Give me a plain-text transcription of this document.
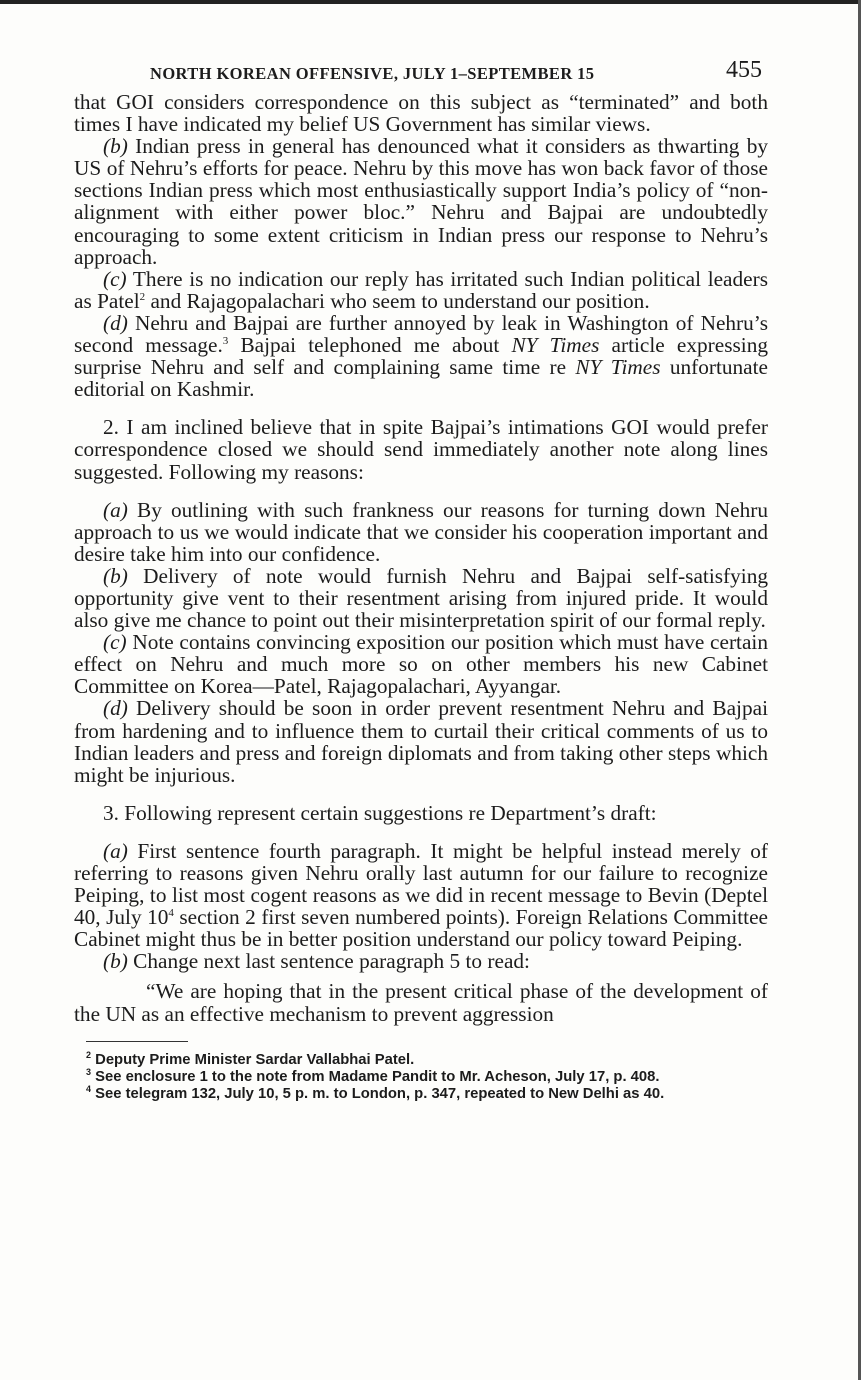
NORTH KOREAN OFFENSIVE, JULY 1–SEPTEMBER 15	455

that GOI considers correspondence on this subject as “terminated” and both times I have indicated my belief US Government has similar views.

(b) Indian press in general has denounced what it considers as thwarting by US of Nehru’s efforts for peace. Nehru by this move has won back favor of those sections Indian press which most enthusiastically support India’s policy of “non-alignment with either power bloc.” Nehru and Bajpai are undoubtedly encouraging to some extent criticism in Indian press our response to Nehru’s approach.

(c) There is no indication our reply has irritated such Indian political leaders as Patel$^2$ and Rajagopalachari who seem to understand our position.

(d) Nehru and Bajpai are further annoyed by leak in Washington of Nehru’s second message.$^3$ Bajpai telephoned me about NY Times article expressing surprise Nehru and self and complaining same time re NY Times unfortunate editorial on Kashmir.

2. I am inclined believe that in spite Bajpai’s intimations GOI would prefer correspondence closed we should send immediately another note along lines suggested. Following my reasons:

(a) By outlining with such frankness our reasons for turning down Nehru approach to us we would indicate that we consider his cooperation important and desire take him into our confidence.

(b) Delivery of note would furnish Nehru and Bajpai self-satisfying opportunity give vent to their resentment arising from injured pride. It would also give me chance to point out their misinterpretation spirit of our formal reply.

(c) Note contains convincing exposition our position which must have certain effect on Nehru and much more so on other members his new Cabinet Committee on Korea—Patel, Rajagopalachari, Ayyangar.

(d) Delivery should be soon in order prevent resentment Nehru and Bajpai from hardening and to influence them to curtail their critical comments of us to Indian leaders and press and foreign diplomats and from taking other steps which might be injurious.

3. Following represent certain suggestions re Department’s draft:

(a) First sentence fourth paragraph. It might be helpful instead merely of referring to reasons given Nehru orally last autumn for our failure to recognize Peiping, to list most cogent reasons as we did in recent message to Bevin (Deptel 40, July $10^4$ section 2 first seven numbered points). Foreign Relations Committee Cabinet might thus be in better position understand our policy toward Peiping.

(b) Change next last sentence paragraph 5 to read:

“We are hoping that in the present critical phase of the development of the UN as an effective mechanism to prevent aggression

$^2$ Deputy Prime Minister Sardar Vallabhai Patel.

$^3$ See enclosure 1 to the note from Madame Pandit to Mr. Acheson, July 17, p. 408.

$^4$ See telegram 132, July 10, 5 p. m. to London, p. 347, repeated to New Delhi as 40.
